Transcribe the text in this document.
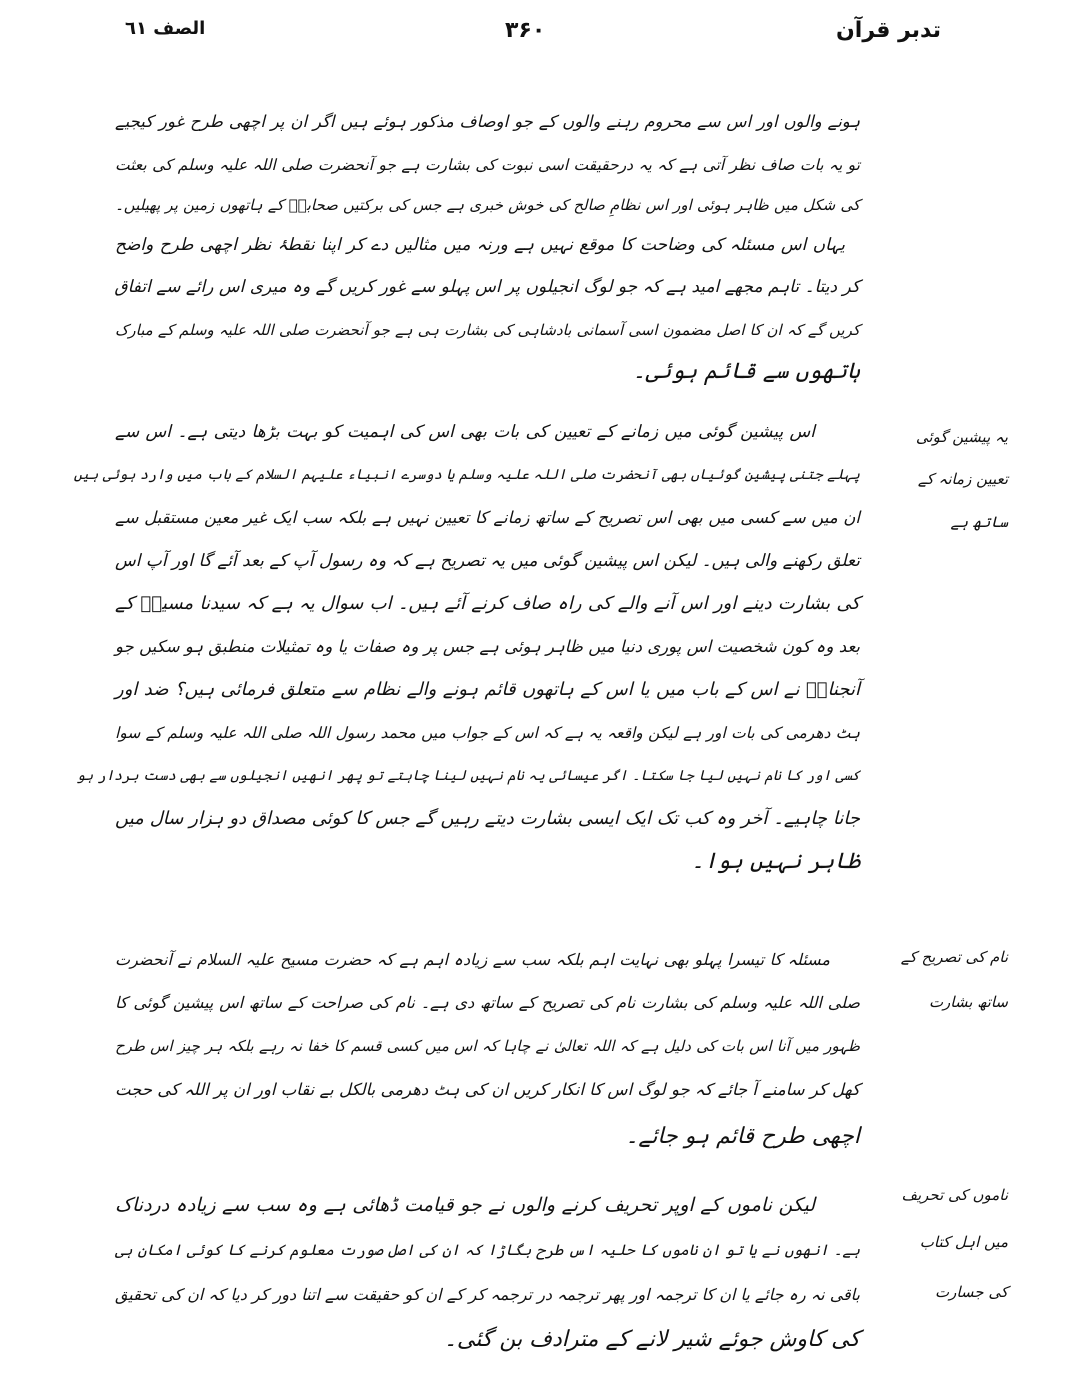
تدبر قرآن
۳۶۰
الصف ٦١
ہونے والوں اور اس سے محروم رہنے والوں کے جو اوصاف مذکور ہوئے ہیں اگر ان پر اچھی طرح غور کیجیے
تو یہ بات صاف نظر آتی ہے کہ یہ درحقیقت اسی نبوت کی بشارت ہے جو آنحضرت صلی اللہ علیہ وسلم کی بعثت
کی شکل میں ظاہر ہوئی اور اس نظامِ صالح کی خوش خبری ہے جس کی برکتیں صحابہؓ کے ہاتھوں زمین پر پھیلیں۔
یہاں اس مسئلہ کی وضاحت کا موقع نہیں ہے ورنہ میں مثالیں دے کر اپنا نقطۂ نظر اچھی طرح واضح
کر دیتا۔ تاہم مجھے امید ہے کہ جو لوگ انجیلوں پر اس پہلو سے غور کریں گے وہ میری اس رائے سے اتفاق
کریں گے کہ ان کا اصل مضمون اسی آسمانی بادشاہی کی بشارت ہی ہے جو آنحضرت صلی اللہ علیہ وسلم کے مبارک
ہاتھوں سے قائم ہوئی۔
اس پیشین گوئی میں زمانے کے تعیین کی بات بھی اس کی اہمیت کو بہت بڑھا دیتی ہے۔ اس سے
پہلے جتنی پیشین گوئیاں بھی آنحضرت صلی اللہ علیہ وسلم یا دوسرے انبیاء علیہم السلام کے باب میں وارد ہوئی ہیں
ان میں سے کسی میں بھی اس تصریح کے ساتھ زمانے کا تعیین نہیں ہے بلکہ سب ایک غیر معین مستقبل سے
تعلق رکھنے والی ہیں۔ لیکن اس پیشین گوئی میں یہ تصریح ہے کہ وہ رسول آپ کے بعد آئے گا اور آپ اس
کی بشارت دینے اور اس آنے والے کی راہ صاف کرنے آئے ہیں۔ اب سوال یہ ہے کہ سیدنا مسیحؑ کے
بعد وہ کون شخصیت اس پوری دنیا میں ظاہر ہوئی ہے جس پر وہ صفات یا وہ تمثیلات منطبق ہو سکیں جو
آنجنابؑ نے اس کے باب میں یا اس کے ہاتھوں قائم ہونے والے نظام سے متعلق فرمائی ہیں؟ ضد اور
ہٹ دھرمی کی بات اور ہے لیکن واقعہ یہ ہے کہ اس کے جواب میں محمد رسول اللہ صلی اللہ علیہ وسلم کے سوا
کسی اور کا نام نہیں لیا جا سکتا۔ اگر عیسائی یہ نام نہیں لینا چاہتے تو پھر انھیں انجیلوں سے بھی دست بردار ہو
جانا چاہیے۔ آخر وہ کب تک ایک ایسی بشارت دیتے رہیں گے جس کا کوئی مصداق دو ہزار سال میں
ظاہر نہیں ہوا۔
مسئلہ کا تیسرا پہلو بھی نہایت اہم بلکہ سب سے زیادہ اہم ہے کہ حضرت مسیح علیہ السلام نے آنحضرت
صلی اللہ علیہ وسلم کی بشارت نام کی تصریح کے ساتھ دی ہے۔ نام کی صراحت کے ساتھ اس پیشین گوئی کا
ظہور میں آنا اس بات کی دلیل ہے کہ اللہ تعالیٰ نے چاہا کہ اس میں کسی قسم کا خفا نہ رہے بلکہ ہر چیز اس طرح
کھل کر سامنے آ جائے کہ جو لوگ اس کا انکار کریں ان کی ہٹ دھرمی بالکل بے نقاب اور ان پر اللہ کی حجت
اچھی طرح قائم ہو جائے۔
لیکن ناموں کے اوپر تحریف کرنے والوں نے جو قیامت ڈھائی ہے وہ سب سے زیادہ دردناک
ہے۔ انھوں نے یا تو ان ناموں کا حلیہ اس طرح بگاڑا کہ ان کی اصل صورت معلوم کرنے کا کوئی امکان ہی
باقی نہ رہ جائے یا ان کا ترجمہ اور پھر ترجمہ در ترجمہ کر کے ان کو حقیقت سے اتنا دور کر دیا کہ ان کی تحقیق
کی کاوش جوئے شیر لانے کے مترادف بن گئی۔
یہ پیشین گوئی
تعیین زمانہ کے
ساتھ ہے
نام کی تصریح کے
ساتھ بشارت
ناموں کی تحریف
میں اہل کتاب
کی جسارت
